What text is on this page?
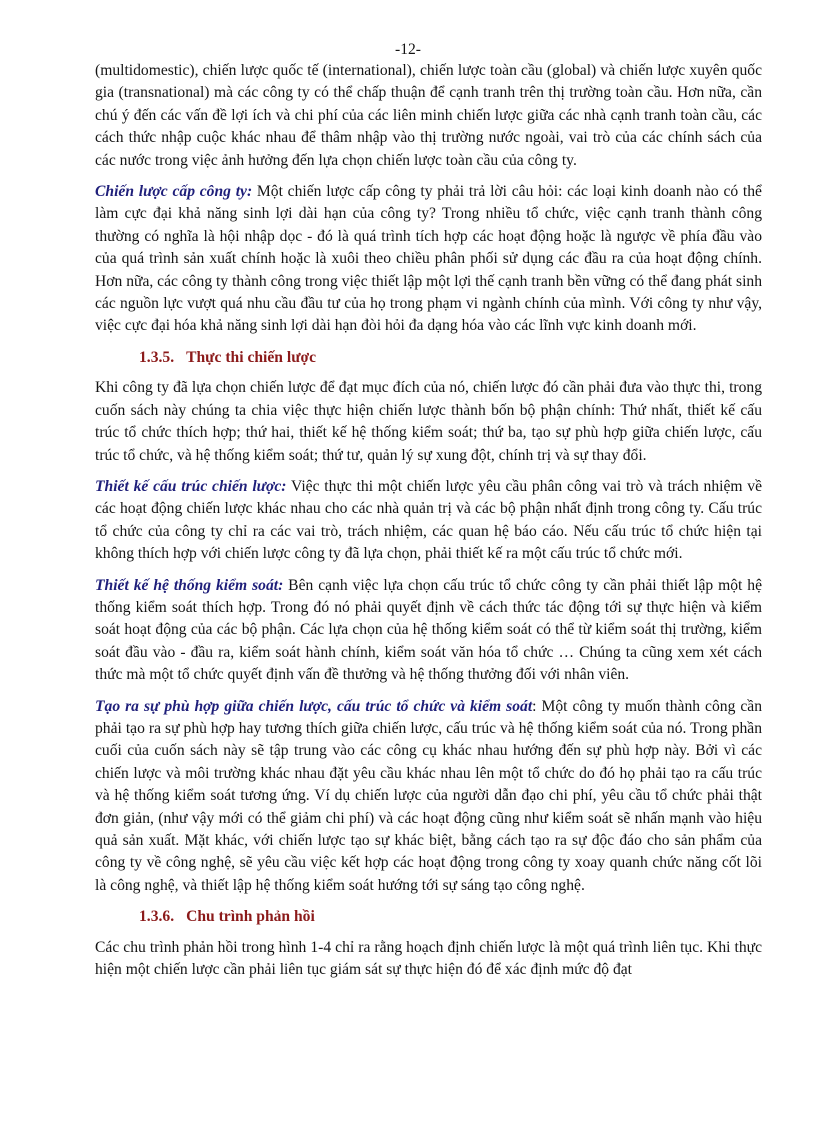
-12-

(multidomestic), chiến lược quốc tế (international), chiến lược toàn cầu (global) và chiến lược xuyên quốc gia (transnational) mà các công ty có thể chấp thuận để cạnh tranh trên thị trường toàn cầu. Hơn nữa, cần chú ý đến các vấn đề lợi ích và chi phí của các liên minh chiến lược giữa các nhà cạnh tranh toàn cầu, các cách thức nhập cuộc khác nhau để thâm nhập vào thị trường nước ngoài, vai trò của các chính sách của các nước trong việc ảnh hưởng đến lựa chọn chiến lược toàn cầu của công ty.

Chiến lược cấp công ty: Một chiến lược cấp công ty phải trả lời câu hỏi: các loại kinh doanh nào có thể làm cực đại khả năng sinh lợi dài hạn của công ty? Trong nhiều tổ chức, việc cạnh tranh thành công thường có nghĩa là hội nhập dọc - đó là quá trình tích hợp các hoạt động hoặc là ngược về phía đầu vào của quá trình sản xuất chính hoặc là xuôi theo chiều phân phối sử dụng các đầu ra của hoạt động chính. Hơn nữa, các công ty thành công trong việc thiết lập một lợi thế cạnh tranh bền vững có thể đang phát sinh các nguồn lực vượt quá nhu cầu đầu tư của họ trong phạm vi ngành chính của mình. Với công ty như vậy, việc cực đại hóa khả năng sinh lợi dài hạn đòi hỏi đa dạng hóa vào các lĩnh vực kinh doanh mới.

1.3.5. Thực thi chiến lược

Khi công ty đã lựa chọn chiến lược để đạt mục đích của nó, chiến lược đó cần phải đưa vào thực thi, trong cuốn sách này chúng ta chia việc thực hiện chiến lược thành bốn bộ phận chính: Thứ nhất, thiết kế cấu trúc tổ chức thích hợp; thứ hai, thiết kế hệ thống kiểm soát; thứ ba, tạo sự phù hợp giữa chiến lược, cấu trúc tổ chức, và hệ thống kiểm soát; thứ tư, quản lý sự xung đột, chính trị và sự thay đổi.

Thiết kế cấu trúc chiến lược: Việc thực thi một chiến lược yêu cầu phân công vai trò và trách nhiệm về các hoạt động chiến lược khác nhau cho các nhà quản trị và các bộ phận nhất định trong công ty. Cấu trúc tổ chức của công ty chỉ ra các vai trò, trách nhiệm, các quan hệ báo cáo. Nếu cấu trúc tổ chức hiện tại không thích hợp với chiến lược công ty đã lựa chọn, phải thiết kế ra một cấu trúc tổ chức mới.

Thiết kế hệ thống kiểm soát: Bên cạnh việc lựa chọn cấu trúc tổ chức công ty cần phải thiết lập một hệ thống kiểm soát thích hợp. Trong đó nó phải quyết định về cách thức tác động tới sự thực hiện và kiểm soát hoạt động của các bộ phận. Các lựa chọn của hệ thống kiểm soát có thể từ kiểm soát thị trường, kiểm soát đầu vào - đầu ra, kiểm soát hành chính, kiểm soát văn hóa tổ chức … Chúng ta cũng xem xét cách thức mà một tổ chức quyết định vấn đề thưởng và hệ thống thưởng đối với nhân viên.

Tạo ra sự phù hợp giữa chiến lược, cấu trúc tổ chức và kiểm soát: Một công ty muốn thành công cần phải tạo ra sự phù hợp hay tương thích giữa chiến lược, cấu trúc và hệ thống kiểm soát của nó. Trong phần cuối của cuốn sách này sẽ tập trung vào các công cụ khác nhau hướng đến sự phù hợp này. Bởi vì các chiến lược và môi trường khác nhau đặt yêu cầu khác nhau lên một tổ chức do đó họ phải tạo ra cấu trúc và hệ thống kiểm soát tương ứng. Ví dụ chiến lược của người dẫn đạo chi phí, yêu cầu tổ chức phải thật đơn giản, (như vậy mới có thể giảm chi phí) và các hoạt động cũng như kiểm soát sẽ nhấn mạnh vào hiệu quả sản xuất. Mặt khác, với chiến lược tạo sự khác biệt, bằng cách tạo ra sự độc đáo cho sản phẩm của công ty về công nghệ, sẽ yêu cầu việc kết hợp các hoạt động trong công ty xoay quanh chức năng cốt lõi là công nghệ, và thiết lập hệ thống kiểm soát hướng tới sự sáng tạo công nghệ.

1.3.6. Chu trình phản hồi

Các chu trình phản hồi trong hình 1-4 chỉ ra rằng hoạch định chiến lược là một quá trình liên tục. Khi thực hiện một chiến lược cần phải liên tục giám sát sự thực hiện đó để xác định mức độ đạt
